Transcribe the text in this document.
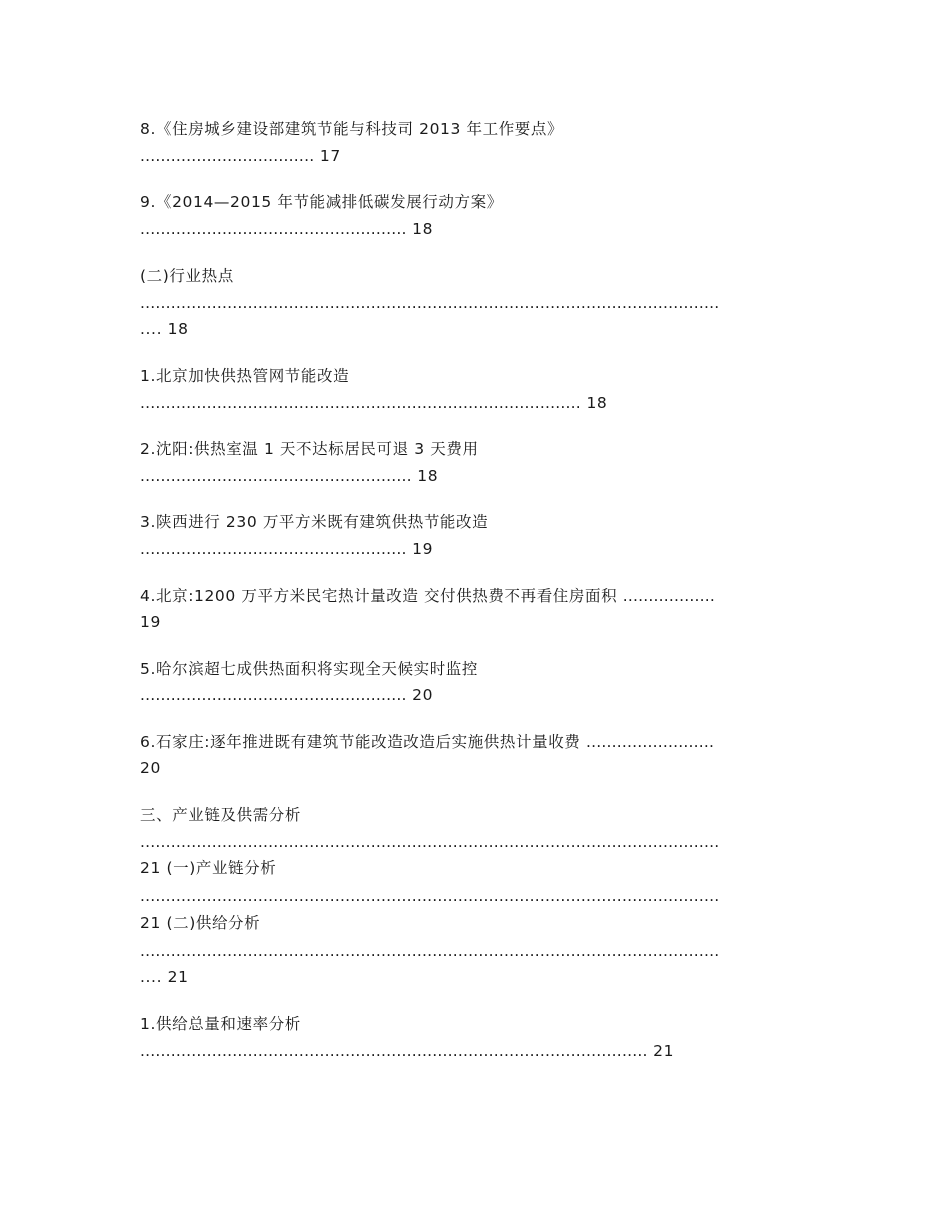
8.《住房城乡建设部建筑节能与科技司 2013 年工作要点》
.................................. 17
9.《2014—2015 年节能减排低碳发展行动方案》
.................................................... 18
(二)行业热点
.................................................................................................................
.... 18
1.北京加快供热管网节能改造
...................................................................................... 18
2.沈阳:供热室温 1 天不达标居民可退 3 天费用
..................................................... 18
3.陕西进行 230 万平方米既有建筑供热节能改造
.................................................... 19
4.北京:1200 万平方米民宅热计量改造 交付供热费不再看住房面积 ..................
19
5.哈尔滨超七成供热面积将实现全天候实时监控
.................................................... 20
6.石家庄:逐年推进既有建筑节能改造改造后实施供热计量收费 .........................
20
三、产业链及供需分析
.................................................................................................................
21 (一)产业链分析
.................................................................................................................
21 (二)供给分析
.................................................................................................................
.... 21
1.供给总量和速率分析
................................................................................................... 21
